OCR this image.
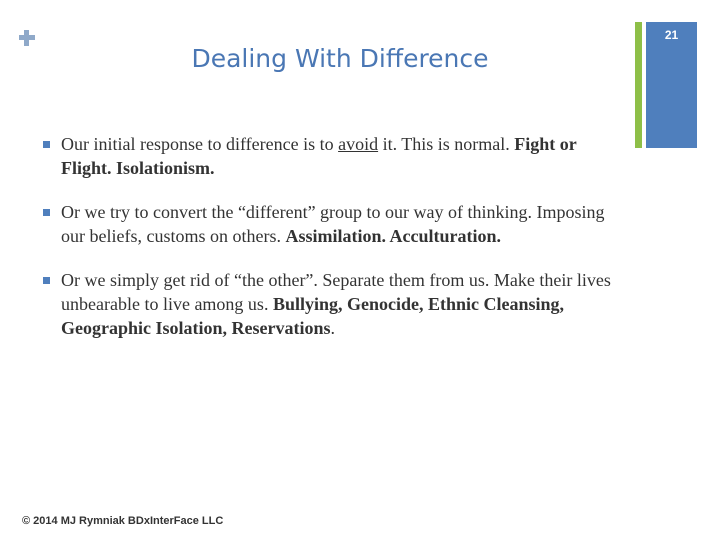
21
Dealing With Difference
Our initial response to difference is to avoid it. This is normal. Fight or Flight. Isolationism.
Or we try to convert the “different” group to our way of thinking. Imposing our beliefs, customs on others. Assimilation. Acculturation.
Or we simply get rid of “the other”. Separate them from us. Make their lives unbearable to live among us. Bullying, Genocide, Ethnic Cleansing, Geographic Isolation, Reservations.
© 2014 MJ Rymniak BDxInterFace LLC
